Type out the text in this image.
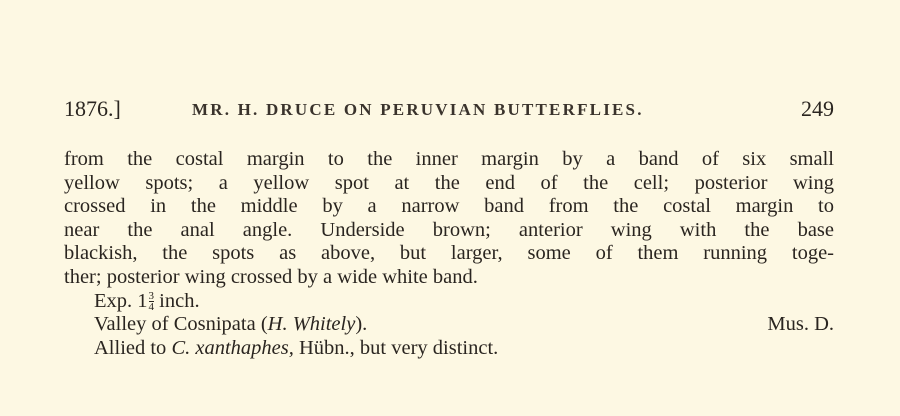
1876.]	MR. H. DRUCE ON PERUVIAN BUTTERFLIES.	249
from the costal margin to the inner margin by a band of six small
yellow spots; a yellow spot at the end of the cell; posterior wing
crossed in the middle by a narrow band from the costal margin to
near the anal angle. Underside brown; anterior wing with the base
blackish, the spots as above, but larger, some of them running toge-
ther; posterior wing crossed by a wide white band.
Exp. $1 \frac{3}{4}$ inch.
Valley of Cosnipata (H. Whitely).	Mus. D.
Allied to C. xanthaphes, Hübn., but very distinct.
